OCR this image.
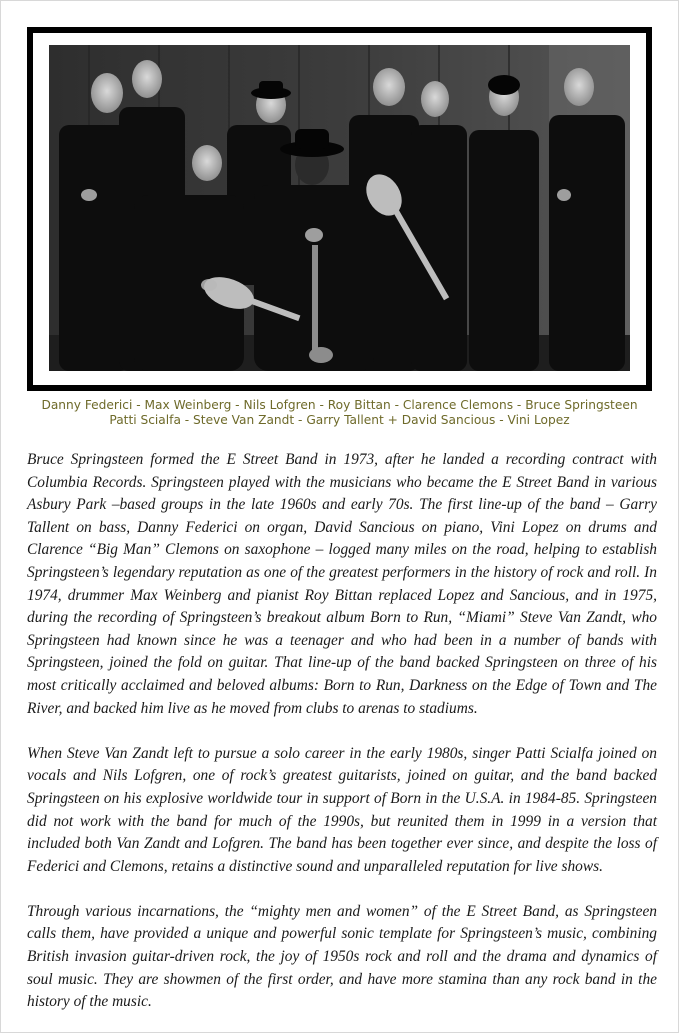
Danny Federici - Max Weinberg - Nils Lofgren - Roy Bittan - Clarence Clemons - Bruce Springsteen
Patti Scialfa - Steve Van Zandt - Garry Tallent + David Sancious - Vini Lopez

Bruce Springsteen formed the E Street Band in 1973, after he landed a recording contract with Columbia Records. Springsteen played with the musicians who became the E Street Band in various Asbury Park –based groups in the late 1960s and early 70s. The first line-up of the band – Garry Tallent on bass, Danny Federici on organ, David Sancious on piano, Vini Lopez on drums and Clarence “Big Man” Clemons on saxophone – logged many miles on the road, helping to establish Springsteen’s legendary reputation as one of the greatest performers in the history of rock and roll. In 1974, drummer Max Weinberg and pianist Roy Bittan replaced Lopez and Sancious, and in 1975, during the recording of Springsteen’s breakout album Born to Run, “Miami” Steve Van Zandt, who Springsteen had known since he was a teenager and who had been in a number of bands with Springsteen, joined the fold on guitar. That line-up of the band backed Springsteen on three of his most critically acclaimed and beloved albums: Born to Run, Darkness on the Edge of Town and The River, and backed him live as he moved from clubs to arenas to stadiums.

When Steve Van Zandt left to pursue a solo career in the early 1980s, singer Patti Scialfa joined on vocals and Nils Lofgren, one of rock’s greatest guitarists, joined on guitar, and the band backed Springsteen on his explosive worldwide tour in support of Born in the U.S.A. in 1984-85. Springsteen did not work with the band for much of the 1990s, but reunited them in 1999 in a version that included both Van Zandt and Lofgren. The band has been together ever since, and despite the loss of Federici and Clemons, retains a distinctive sound and unparalleled reputation for live shows.

Through various incarnations, the “mighty men and women” of the E Street Band, as Springsteen calls them, have provided a unique and powerful sonic template for Springsteen’s music, combining British invasion guitar-driven rock, the joy of 1950s rock and roll and the drama and dynamics of soul music. They are showmen of the first order, and have more stamina than any rock band in the history of the music.
